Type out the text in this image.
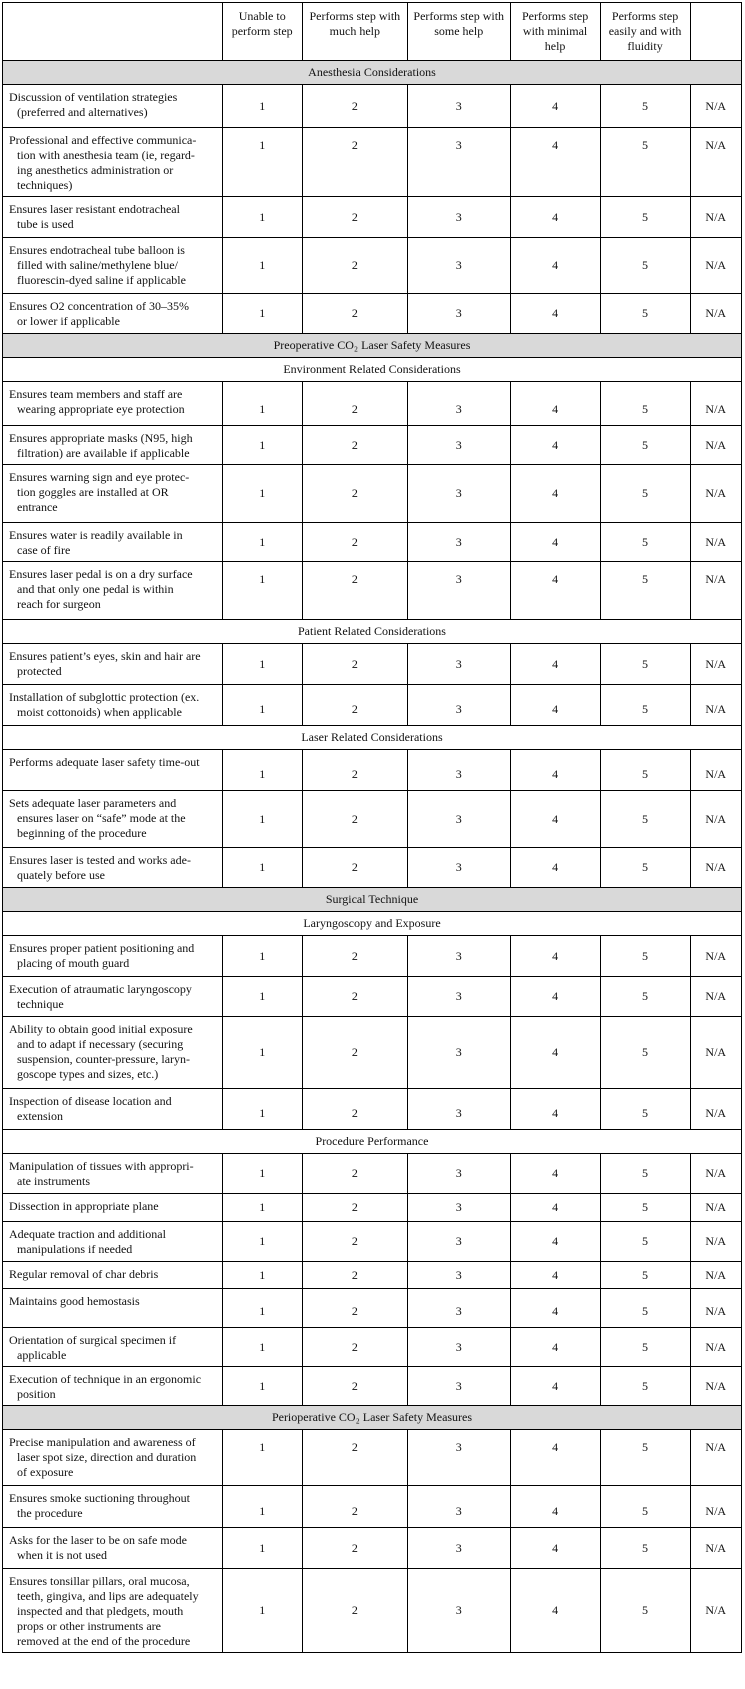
	Unable to perform step	Performs step with much help	Performs step with some help	Performs step with minimal help	Performs step easily and with fluidity	
Anesthesia Considerations						

Discussion of ventilation strategies
(preferred and alternatives)	1	2	3	4	5	N/A

Professional and effective communica-
tion with anesthesia team (ie, regard-
ing anesthetics administration or
techniques)	1	2	3	4	5	N/A

Ensures laser resistant endotracheal
tube is used	1	2	3	4	5	N/A

Ensures endotracheal tube balloon is
filled with saline/methylene blue/
fluorescin-dyed saline if applicable	1	2	3	4	5	N/A

Ensures O2 concentration of 30–35%
or lower if applicable	1	2	3	4	5	N/A
Preoperative CO₂ Laser Safety Measures						
Environment Related Considerations						

Ensures team members and staff are
wearing appropriate eye protection	1	2	3	4	5	N/A

Ensures appropriate masks (N95, high
filtration) are available if applicable	1	2	3	4	5	N/A

Ensures warning sign and eye protec-
tion goggles are installed at OR
entrance	1	2	3	4	5	N/A

Ensures water is readily available in
case of fire	1	2	3	4	5	N/A

Ensures laser pedal is on a dry surface
and that only one pedal is within
reach for surgeon	1	2	3	4	5	N/A
Patient Related Considerations						

Ensures patient’s eyes, skin and hair are
protected	1	2	3	4	5	N/A

Installation of subglottic protection (ex.
moist cottonoids) when applicable	1	2	3	4	5	N/A
Laser Related Considerations						

Performs adequate laser safety time-out	1	2	3	4	5	N/A

Sets adequate laser parameters and
ensures laser on “safe” mode at the
beginning of the procedure	1	2	3	4	5	N/A

Ensures laser is tested and works ade-
quately before use	1	2	3	4	5	N/A
Surgical Technique						
Laryngoscopy and Exposure						

Ensures proper patient positioning and
placing of mouth guard	1	2	3	4	5	N/A

Execution of atraumatic laryngoscopy
technique	1	2	3	4	5	N/A

Ability to obtain good initial exposure
and to adapt if necessary (securing
suspension, counter-pressure, laryn-
goscope types and sizes, etc.)	1	2	3	4	5	N/A

Inspection of disease location and
extension	1	2	3	4	5	N/A
Procedure Performance						

Manipulation of tissues with appropri-
ate instruments	1	2	3	4	5	N/A

Dissection in appropriate plane	1	2	3	4	5	N/A

Adequate traction and additional
manipulations if needed	1	2	3	4	5	N/A

Regular removal of char debris	1	2	3	4	5	N/A

Maintains good hemostasis	1	2	3	4	5	N/A

Orientation of surgical specimen if
applicable	1	2	3	4	5	N/A

Execution of technique in an ergonomic
position	1	2	3	4	5	N/A
Perioperative CO₂ Laser Safety Measures						

Precise manipulation and awareness of
laser spot size, direction and duration
of exposure	1	2	3	4	5	N/A

Ensures smoke suctioning throughout
the procedure	1	2	3	4	5	N/A

Asks for the laser to be on safe mode
when it is not used	1	2	3	4	5	N/A

Ensures tonsillar pillars, oral mucosa,
teeth, gingiva, and lips are adequately
inspected and that pledgets, mouth
props or other instruments are
removed at the end of the procedure	1	2	3	4	5	N/A
